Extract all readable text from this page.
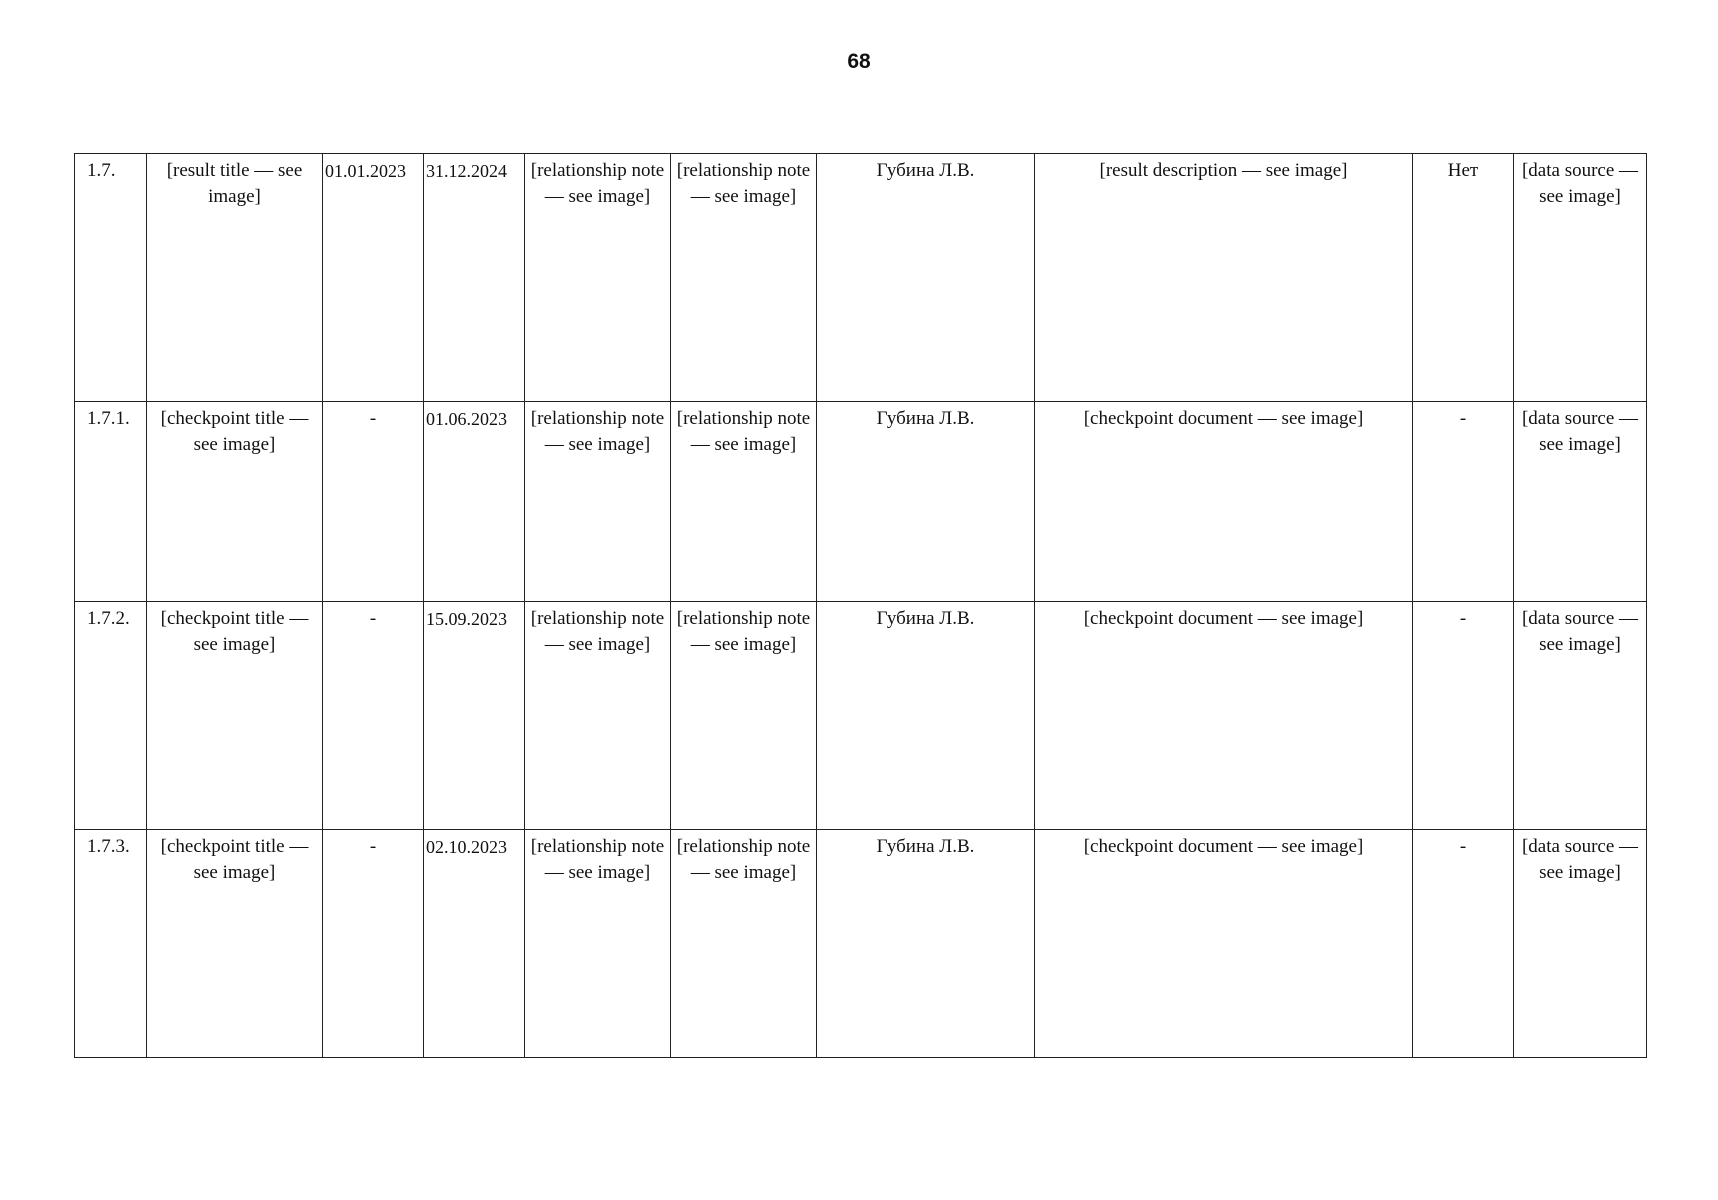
68
1.7.	[result title — see image]	01.01.2023	31.12.2024	[relationship note — see image]	[relationship note — see image]	Губина Л.В.	[result description — see image]	Нет	[data source — see image]
1.7.1.	[checkpoint title — see image]	-	01.06.2023	[relationship note — see image]	[relationship note — see image]	Губина Л.В.	[checkpoint document — see image]	-	[data source — see image]
1.7.2.	[checkpoint title — see image]	-	15.09.2023	[relationship note — see image]	[relationship note — see image]	Губина Л.В.	[checkpoint document — see image]	-	[data source — see image]
1.7.3.	[checkpoint title — see image]	-	02.10.2023	[relationship note — see image]	[relationship note — see image]	Губина Л.В.	[checkpoint document — see image]	-	[data source — see image]
